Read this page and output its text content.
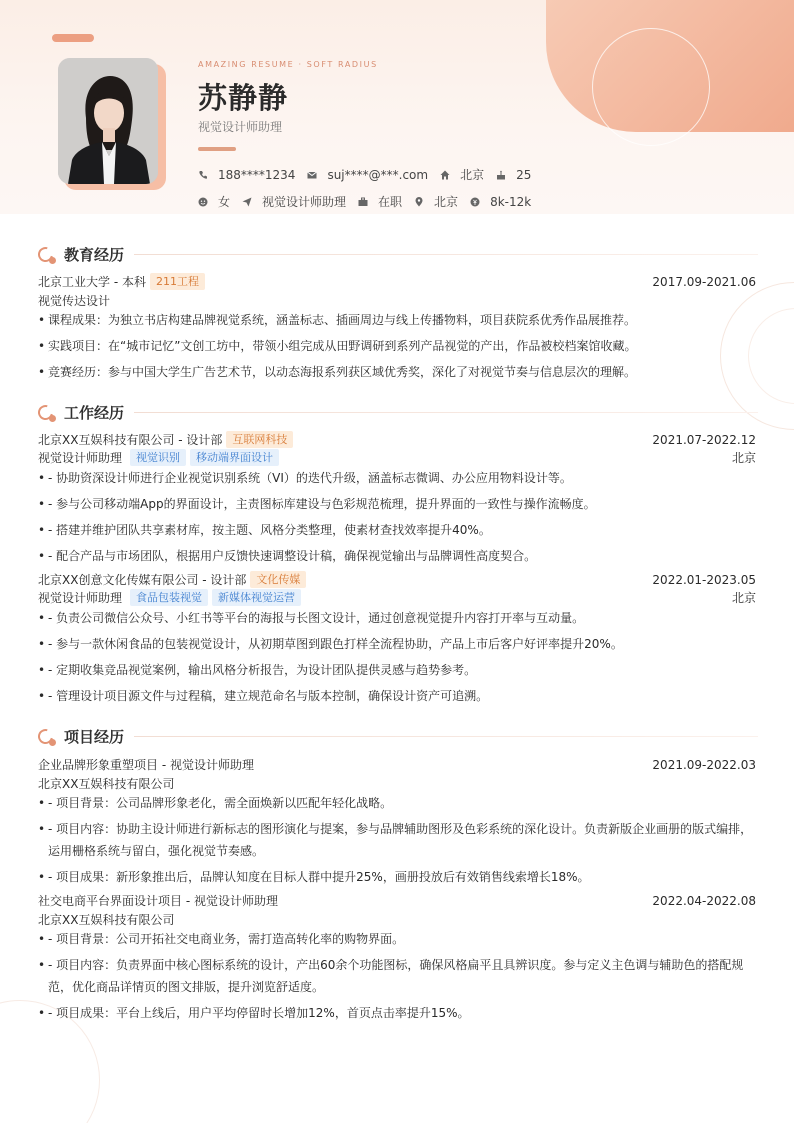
AMAZING RESUME · SOFT RADIUS
苏静静
视觉设计师助理
188****1234	suj****@***.com	北京	25
女	视觉设计师助理	在职	北京	8k-12k
教育经历
北京工业大学 - 本科 211工程	2017.09-2021.06
视觉传达设计
• 课程成果：为独立书店构建品牌视觉系统，涵盖标志、插画周边与线上传播物料，项目获院系优秀作品展推荐。
• 实践项目：在“城市记忆”文创工坊中，带领小组完成从田野调研到系列产品视觉的产出，作品被校档案馆收藏。
• 竞赛经历：参与中国大学生广告艺术节，以动态海报系列获区域优秀奖，深化了对视觉节奏与信息层次的理解。
工作经历
北京XX互娱科技有限公司 - 设计部 互联网科技	2021.07-2022.12
视觉设计师助理	视觉识别	移动端界面设计	北京
• - 协助资深设计师进行企业视觉识别系统（VI）的迭代升级，涵盖标志微调、办公应用物料设计等。
• - 参与公司移动端App的界面设计，主责图标库建设与色彩规范梳理，提升界面的一致性与操作流畅度。
• - 搭建并维护团队共享素材库，按主题、风格分类整理，使素材查找效率提升40%。
• - 配合产品与市场团队，根据用户反馈快速调整设计稿，确保视觉输出与品牌调性高度契合。
北京XX创意文化传媒有限公司 - 设计部 文化传媒	2022.01-2023.05
视觉设计师助理	食品包装视觉	新媒体视觉运营	北京
• - 负责公司微信公众号、小红书等平台的海报与长图文设计，通过创意视觉提升内容打开率与互动量。
• - 参与一款休闲食品的包装视觉设计，从初期草图到跟色打样全流程协助，产品上市后客户好评率提升20%。
• - 定期收集竞品视觉案例，输出风格分析报告，为设计团队提供灵感与趋势参考。
• - 管理设计项目源文件与过程稿，建立规范命名与版本控制，确保设计资产可追溯。
项目经历
企业品牌形象重塑项目 - 视觉设计师助理	2021.09-2022.03
北京XX互娱科技有限公司
• - 项目背景：公司品牌形象老化，需全面焕新以匹配年轻化战略。
• - 项目内容：协助主设计师进行新标志的图形演化与提案，参与品牌辅助图形及色彩系统的深化设计。负责新版企业画册的版式编排，运用栅格系统与留白，强化视觉节奏感。
• - 项目成果：新形象推出后，品牌认知度在目标人群中提升25%，画册投放后有效销售线索增长18%。
社交电商平台界面设计项目 - 视觉设计师助理	2022.04-2022.08
北京XX互娱科技有限公司
• - 项目背景：公司开拓社交电商业务，需打造高转化率的购物界面。
• - 项目内容：负责界面中核心图标系统的设计，产出60余个功能图标，确保风格扁平且具辨识度。参与定义主色调与辅助色的搭配规范，优化商品详情页的图文排版，提升浏览舒适度。
• - 项目成果：平台上线后，用户平均停留时长增加12%，首页点击率提升15%。
